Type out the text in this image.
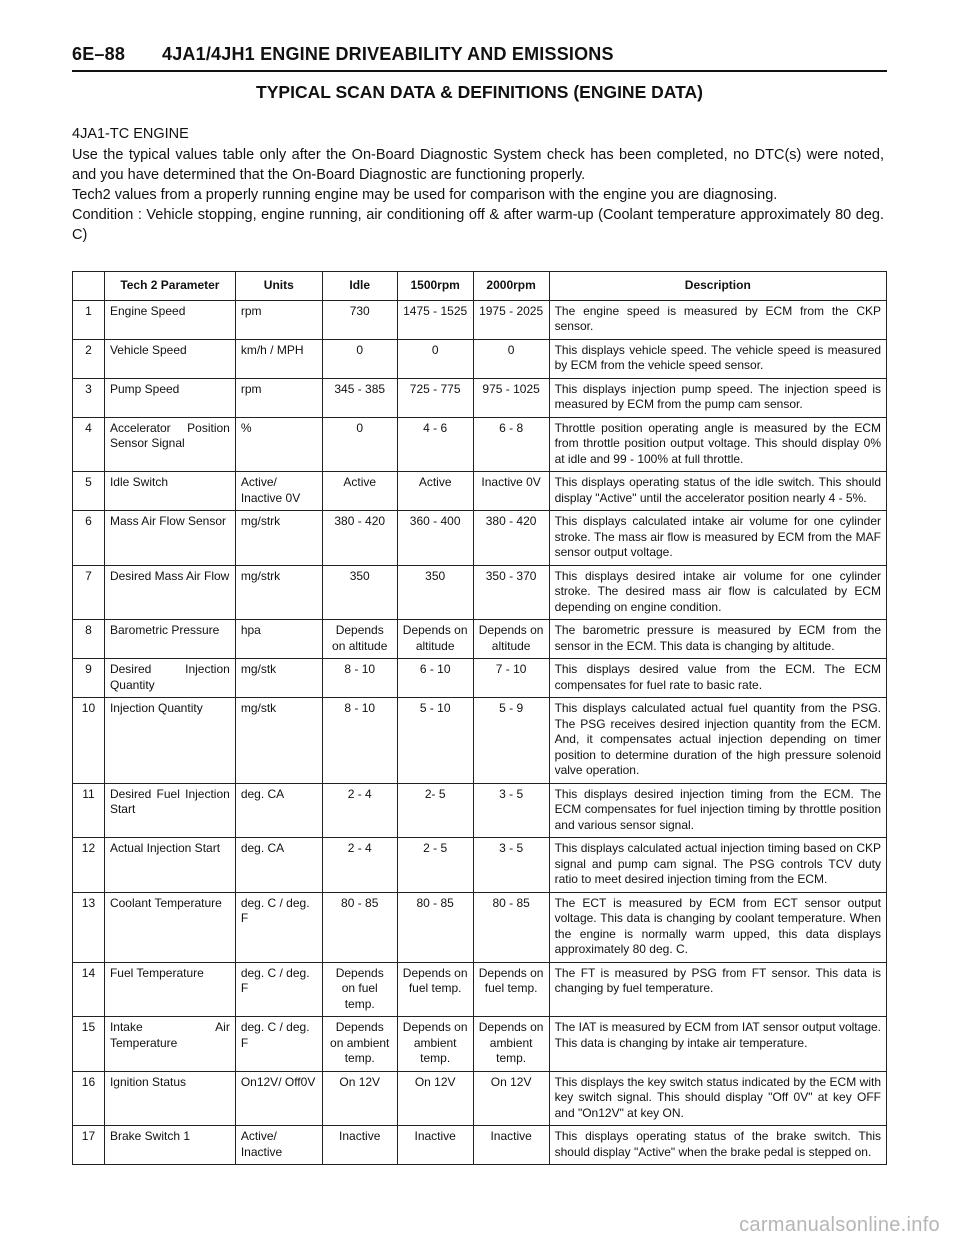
6E–88 4JA1/4JH1 ENGINE DRIVEABILITY AND EMISSIONS
TYPICAL SCAN DATA & DEFINITIONS (ENGINE DATA)
4JA1-TC ENGINE

Use the typical values table only after the On-Board Diagnostic System check has been completed, no DTC(s) were noted, and you have determined that the On-Board Diagnostic are functioning properly.

Tech2 values from a properly running engine may be used for comparison with the engine you are diagnosing.

Condition : Vehicle stopping, engine running, air conditioning off & after warm-up (Coolant temperature approximately 80 deg. C)

	Tech 2 Parameter	Units	Idle	1500rpm	2000rpm	Description
1	Engine Speed	rpm	730	1475 - 1525	1975 - 2025	The engine speed is measured by ECM from the CKP sensor.
2	Vehicle Speed	km/h / MPH	0	0	0	This displays vehicle speed. The vehicle speed is measured by ECM from the vehicle speed sensor.
3	Pump Speed	rpm	345 - 385	725 - 775	975 - 1025	This displays injection pump speed. The injection speed is measured by ECM from the pump cam sensor.
4	Accelerator Position Sensor Signal	%	0	4 - 6	6 - 8	Throttle position operating angle is measured by the ECM from throttle position output voltage. This should display 0% at idle and 99 - 100% at full throttle.
5	Idle Switch	Active/ Inactive 0V	Active	Active	Inactive 0V	This displays operating status of the idle switch. This should display "Active" until the accelerator position nearly 4 - 5%.
6	Mass Air Flow Sensor	mg/strk	380 - 420	360 - 400	380 - 420	This displays calculated intake air volume for one cylinder stroke. The mass air flow is measured by ECM from the MAF sensor output voltage.
7	Desired Mass Air Flow	mg/strk	350	350	350 - 370	This displays desired intake air volume for one cylinder stroke. The desired mass air flow is calculated by ECM depending on engine condition.
8	Barometric Pressure	hpa	Depends on altitude	Depends on altitude	Depends on altitude	The barometric pressure is measured by ECM from the sensor in the ECM. This data is changing by altitude.
9	Desired Injection Quantity	mg/stk	8 - 10	6 - 10	7 - 10	This displays desired value from the ECM. The ECM compensates for fuel rate to basic rate.
10	Injection Quantity	mg/stk	8 - 10	5 - 10	5 - 9	This displays calculated actual fuel quantity from the PSG. The PSG receives desired injection quantity from the ECM. And, it compensates actual injection depending on timer position to determine duration of the high pressure solenoid valve operation.
11	Desired Fuel Injection Start	deg. CA	2 - 4	2- 5	3 - 5	This displays desired injection timing from the ECM. The ECM compensates for fuel injection timing by throttle position and various sensor signal.
12	Actual Injection Start	deg. CA	2 - 4	2 - 5	3 - 5	This displays calculated actual injection timing based on CKP signal and pump cam signal. The PSG controls TCV duty ratio to meet desired injection timing from the ECM.
13	Coolant Temperature	deg. C / deg. F	80 - 85	80 - 85	80 - 85	The ECT is measured by ECM from ECT sensor output voltage. This data is changing by coolant temperature. When the engine is normally warm upped, this data displays approximately 80 deg. C.
14	Fuel Temperature	deg. C / deg. F	Depends on fuel temp.	Depends on fuel temp.	Depends on fuel temp.	The FT is measured by PSG from FT sensor. This data is changing by fuel temperature.
15	Intake Air Temperature	deg. C / deg. F	Depends on ambient temp.	Depends on ambient temp.	Depends on ambient temp.	The IAT is measured by ECM from IAT sensor output voltage. This data is changing by intake air temperature.
16	Ignition Status	On12V/ Off0V	On 12V	On 12V	On 12V	This displays the key switch status indicated by the ECM with key switch signal. This should display "Off 0V" at key OFF and "On12V" at key ON.
17	Brake Switch 1	Active/ Inactive	Inactive	Inactive	Inactive	This displays operating status of the brake switch. This should display "Active" when the brake pedal is stepped on.
carmanualsonline.info
